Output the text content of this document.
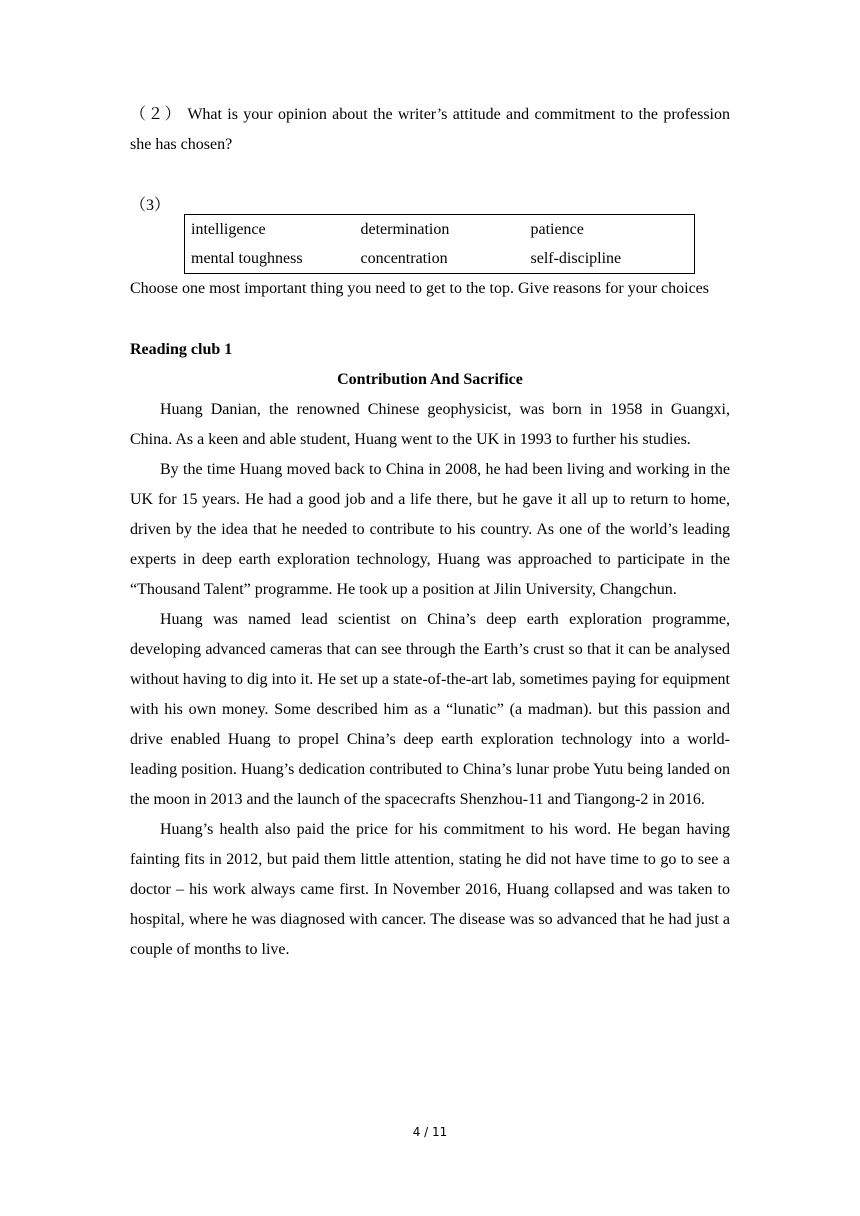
（２） What is your opinion about the writer’s attitude and commitment to the profession she has chosen?

（3）
intelligence	determination	patience
mental toughness	concentration	self-discipline

Choose one most important thing you need to get to the top. Give reasons for your choices

Reading club 1
Contribution And Sacrifice

Huang Danian, the renowned Chinese geophysicist, was born in 1958 in Guangxi, China. As a keen and able student, Huang went to the UK in 1993 to further his studies.

By the time Huang moved back to China in 2008, he had been living and working in the UK for 15 years. He had a good job and a life there, but he gave it all up to return to home, driven by the idea that he needed to contribute to his country. As one of the world’s leading experts in deep earth exploration technology, Huang was approached to participate in the “Thousand Talent” programme. He took up a position at Jilin University, Changchun.

Huang was named lead scientist on China’s deep earth exploration programme, developing advanced cameras that can see through the Earth’s crust so that it can be analysed without having to dig into it. He set up a state-of-the-art lab, sometimes paying for equipment with his own money. Some described him as a “lunatic” (a madman). but this passion and drive enabled Huang to propel China’s deep earth exploration technology into a world-leading position. Huang’s dedication contributed to China’s lunar probe Yutu being landed on the moon in 2013 and the launch of the spacecrafts Shenzhou-11 and Tiangong-2 in 2016.

Huang’s health also paid the price for his commitment to his word. He began having fainting fits in 2012, but paid them little attention, stating he did not have time to go to see a doctor – his work always came first. In November 2016, Huang collapsed and was taken to hospital, where he was diagnosed with cancer. The disease was so advanced that he had just a couple of months to live.

4 / 11
